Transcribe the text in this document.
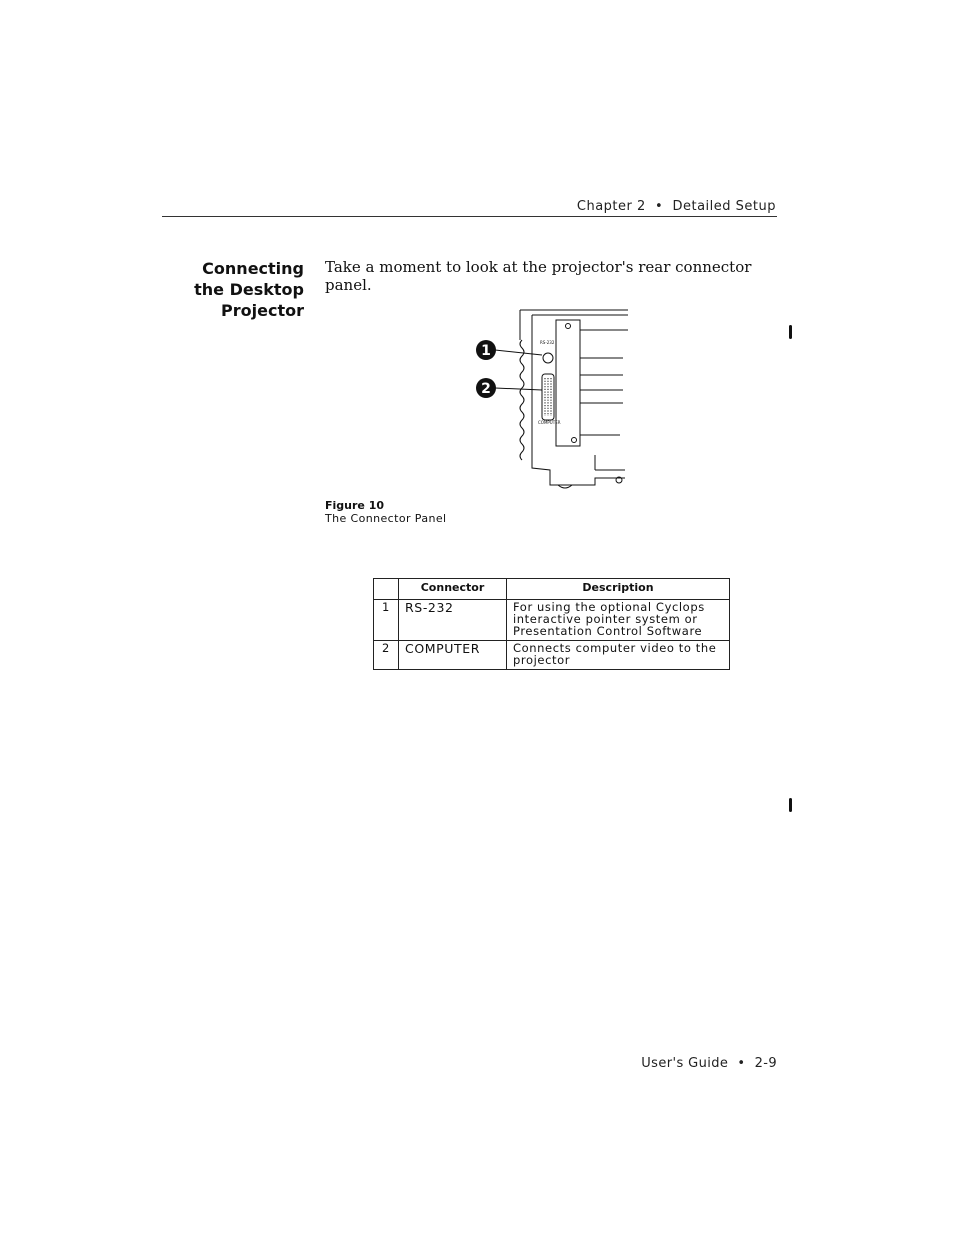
Chapter 2 • Detailed Setup
Connecting
the Desktop
Projector
Take a moment to look at the projector's rear connector panel.
RS-232
COMPUTER
1
2
Figure 10
The Connector Panel
	Connector	Description
1	RS-232	For using the optional Cyclops interactive pointer system or Presentation Control Software
2	COMPUTER	Connects computer video to the projector
User's Guide • 2-9
